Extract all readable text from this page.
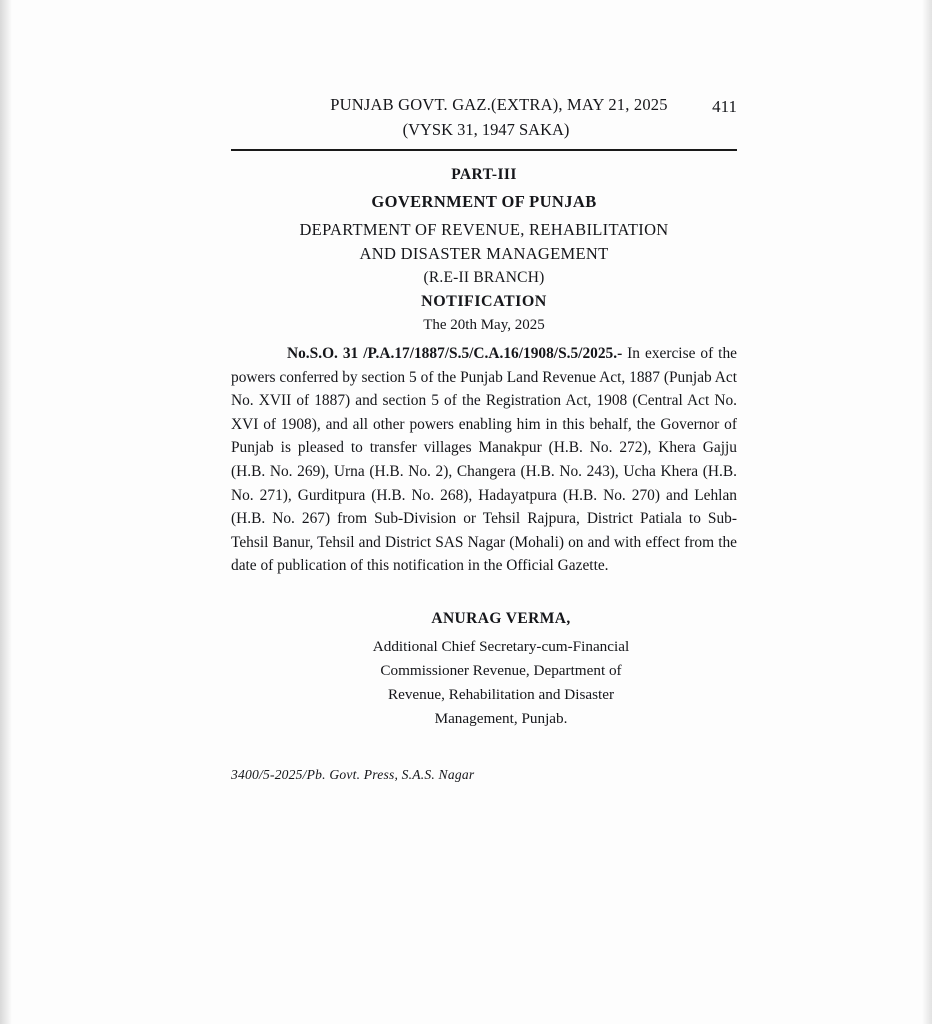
411
PUNJAB GOVT. GAZ.(EXTRA), MAY 21, 2025
(VYSK 31, 1947 SAKA)
PART-III
GOVERNMENT OF PUNJAB
DEPARTMENT OF REVENUE, REHABILITATION
AND DISASTER MANAGEMENT
(R.E-II BRANCH)
NOTIFICATION
The 20th May, 2025

No.S.O. 31 /P.A.17/1887/S.5/C.A.16/1908/S.5/2025.- In exercise of the powers conferred by section 5 of the Punjab Land Revenue Act, 1887 (Punjab Act No. XVII of 1887) and section 5 of the Registration Act, 1908 (Central Act No. XVI of 1908), and all other powers enabling him in this behalf, the Governor of Punjab is pleased to transfer villages Manakpur (H.B. No. 272), Khera Gajju (H.B. No. 269), Urna (H.B. No. 2), Changera (H.B. No. 243), Ucha Khera (H.B. No. 271), Gurditpura (H.B. No. 268), Hadayatpura (H.B. No. 270) and Lehlan (H.B. No. 267) from Sub-Division or Tehsil Rajpura, District Patiala to Sub-Tehsil Banur, Tehsil and District SAS Nagar (Mohali) on and with effect from the date of publication of this notification in the Official Gazette.

ANURAG VERMA,
Additional Chief Secretary-cum-Financial
Commissioner Revenue, Department of
Revenue, Rehabilitation and Disaster
Management, Punjab.
3400/5-2025/Pb. Govt. Press, S.A.S. Nagar
